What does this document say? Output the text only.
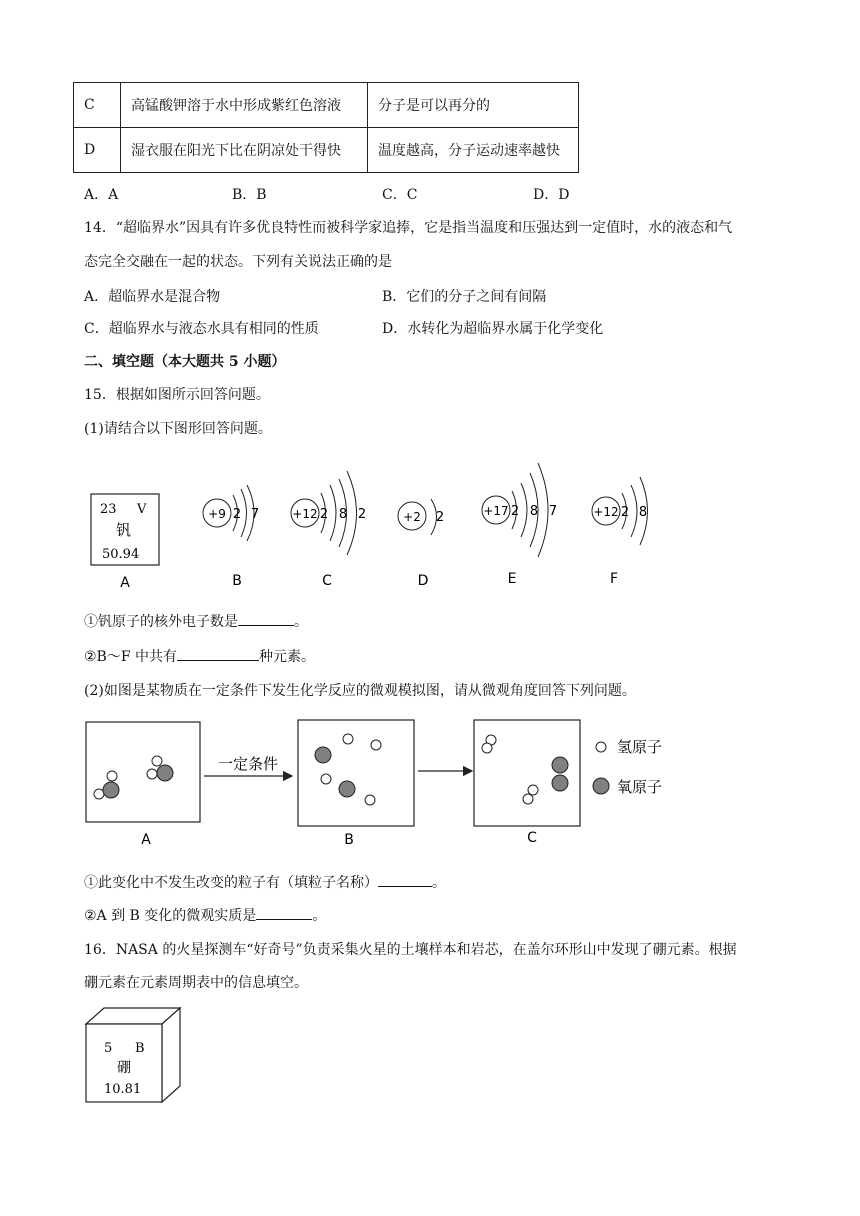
C	高锰酸钾溶于水中形成紫红色溶液	分子是可以再分的
D	湿衣服在阳光下比在阴凉处干得快	温度越高，分子运动速率越快
A．A	B．B	C．C	D．D
14．“超临界水”因具有许多优良特性而被科学家追捧，它是指当温度和压强达到一定值时，水的液态和气
态完全交融在一起的状态。下列有关说法正确的是
A．超临界水是混合物	B．它们的分子之间有间隔
C．超临界水与液态水具有相同的性质	D．水转化为超临界水属于化学变化
二、填空题（本大题共 5 小题）
15．根据如图所示回答问题。
(1)请结合以下图形回答问题。
23 V
钒
50.94
+9 2 7	+12 2 8 2	+2 2	+17 2 8 7	+12 2 8
A	B	C	D	E	F
①钒原子的核外电子数是	。
②B～F 中共有	种元素。
(2)如图是某物质在一定条件下发生化学反应的微观模拟图，请从微观角度回答下列问题。
一定条件
氢原子
氧原子
A	B	C
①此变化中不发生改变的粒子有（填粒子名称）	。
②A 到 B 变化的微观实质是	。
16．NASA 的火星探测车“好奇号”负责采集火星的土壤样本和岩芯，在盖尔环形山中发现了硼元素。根据
硼元素在元素周期表中的信息填空。
5 B
硼
10.81
